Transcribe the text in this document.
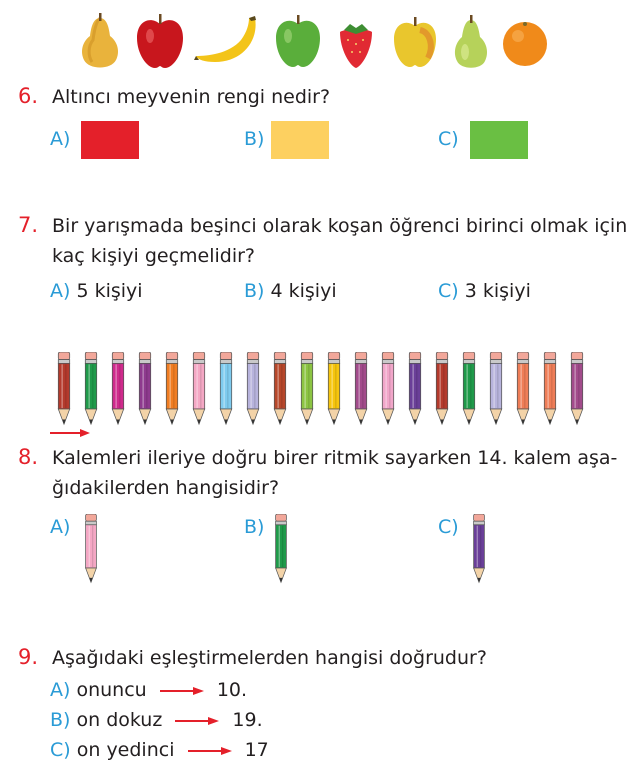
6. Altıncı meyvenin rengi nedir?
A)	B)	C)
7. Bir yarışmada beşinci olarak koşan öğrenci birinci olmak için
kaç kişiyi geçmelidir?
A) 5 kişiyi	B) 4 kişiyi	C) 3 kişiyi
8. Kalemleri ileriye doğru birer ritmik sayarken 14. kalem aşa-
ğıdakilerden hangisidir?
A)	B)	C)
9. Aşağıdaki eşleştirmelerden hangisi doğrudur?
A) onuncu	10.
B) on dokuz	19.
C) on yedinci	17
